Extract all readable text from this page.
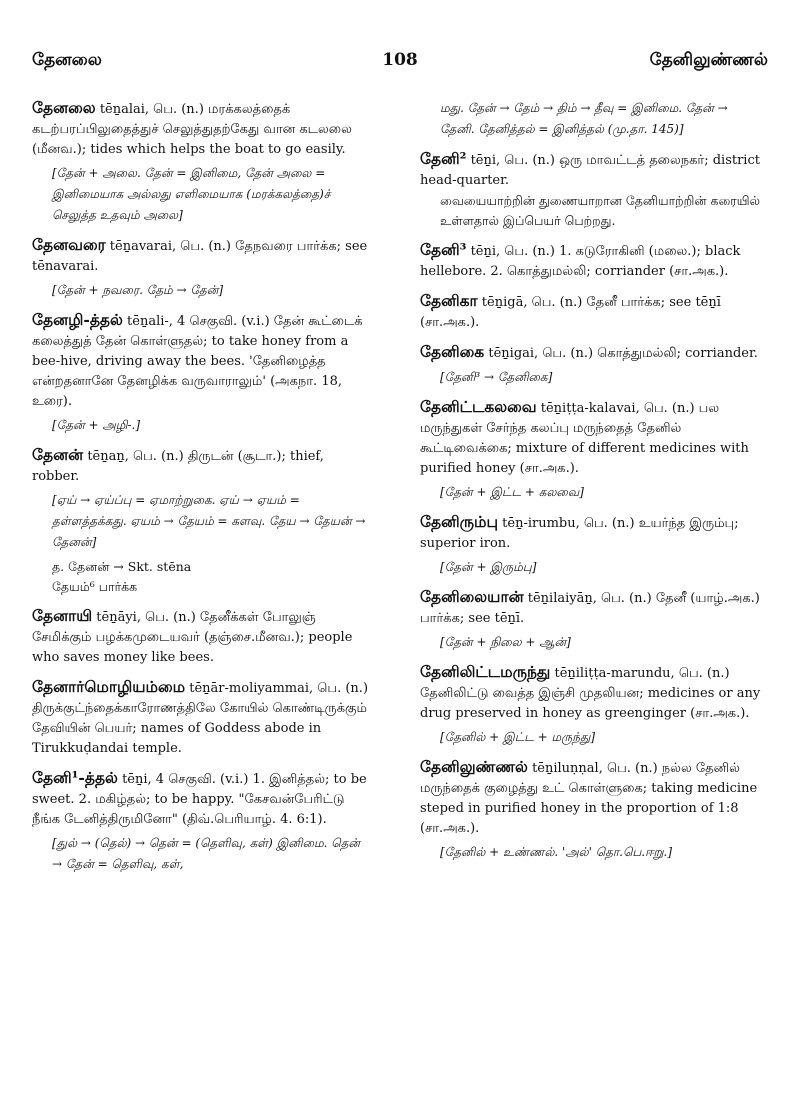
தேனலை	108	தேனிலுண்ணல்
தேனலை tēṉalai, பெ. (n.) மரக்கலத்தைக் கடற்பரப்பிலுதைத்துச் செலுத்துதற்கேது வான கடலலை (மீனவ.); tides which helps the boat to go easily.
[தேன் + அலை. தேன் = இனிமை, தேன் அலை = இனிமையாக அல்லது எளிமையாக (மரக்கலத்தை)ச் செலுத்த உதவும் அலை]
தேனவரை tēṉavarai, பெ. (n.) தேநவரை பார்க்க; see tēnavarai.
[தேன் + நவரை. தேம் → தேன்]
தேனழி-த்தல் tēṉali-, 4 செகுவி. (v.i.) தேன் கூட்டைக் கலைத்துத் தேன் கொள்ளுதல்; to take honey from a bee-hive, driving away the bees. 'தேனிழைத்த என்றதனானே தேனழிக்க வருவாராலும்' (அகநா. 18, உரை).
[தேன் + அழி-.]
தேனன் tēṉaṉ, பெ. (n.) திருடன் (சூடா.); thief, robber.
[ஏய் → ஏய்ப்பு = ஏமாற்றுகை. ஏய் → ஏயம் = தள்ளத்தக்கது. ஏயம் → தேயம் = களவு. தேய → தேயன் → தேனன்]
த. தேனன் → Skt. stēna
தேயம்⁶ பார்க்க
தேனாயி tēṉāyi, பெ. (n.) தேனீக்கள் போலுஞ் சேமிக்கும் பழக்கமுடையவர் (தஞ்சை.மீனவ.); people who saves money like bees.
தேனார்மொழியம்மை tēṉār-moliyammai, பெ. (n.) திருக்குட்ந்தைக்காரோணத்திலே கோயில் கொண்டிருக்கும் தேவியின் பெயர்; names of Goddess abode in Tirukkuḍandai temple.
தேனி¹-த்தல் tēṉi, 4 செகுவி. (v.i.) 1. இனித்தல்; to be sweet. 2. மகிழ்தல்; to be happy. "கேசவன்பேரிட்டு நீங்க டேனித்திருமினோ" (திவ்.பெரியாழ். 4. 6:1).
[துல் → (தெல்) → தென் = (தெளிவு, கள்) இனிமை. தென் → தேன் = தெளிவு, கள்,
மது. தேன் → தேம் → திம் → தீவு = இனிமை. தேன் → தேனி. தேனித்தல் = இனித்தல் (மு.தா. 145)]
தேனி² tēṉi, பெ. (n.) ஒரு மாவட்டத் தலைநகர்; district head-quarter.
வையையாற்றின் துணையாறான தேனியாற்றின் கரையில் உள்ளதால் இப்பெயர் பெற்றது.
தேனி³ tēṉi, பெ. (n.) 1. கடுரோகினி (மலை.); black hellebore. 2. கொத்துமல்லி; corriander (சா.அக.).
தேனிகா tēṉigā, பெ. (n.) தேனீ பார்க்க; see tēṉī (சா.அக.).
தேனிகை tēṉigai, பெ. (n.) கொத்துமல்லி; corriander.
[தேனி³ → தேனிகை]
தேனிட்டகலவை tēṉiṭṭa-kalavai, பெ. (n.) பல மருந்துகள் சேர்ந்த கலப்பு மருந்தைத் தேனில் கூட்டிவைக்கை; mixture of different medicines with purified honey (சா.அக.).
[தேன் + இட்ட + கலவை]
தேனிரும்பு tēṉ-irumbu, பெ. (n.) உயர்ந்த இரும்பு; superior iron.
[தேன் + இரும்பு]
தேனிலையான் tēṉilaiyāṉ, பெ. (n.) தேனீ (யாழ்.அக.) பார்க்க; see tēṉī.
[தேன் + நிலை + ஆன்]
தேனிலிட்டமருந்து tēṉiliṭṭa-marundu, பெ. (n.) தேனிலிட்டு வைத்த இஞ்சி முதலியன; medicines or any drug preserved in honey as greenginger (சா.அக.).
[தேனில் + இட்ட + மருந்து]
தேனிலுண்ணல் tēṉiluṇṇal, பெ. (n.) நல்ல தேனில் மருந்தைக் குழைத்து உட் கொள்ளுகை; taking medicine steped in purified honey in the proportion of 1:8 (சா.அக.).
[தேனில் + உண்ணல். 'அல்' தொ.பெ.ஈறு.]
